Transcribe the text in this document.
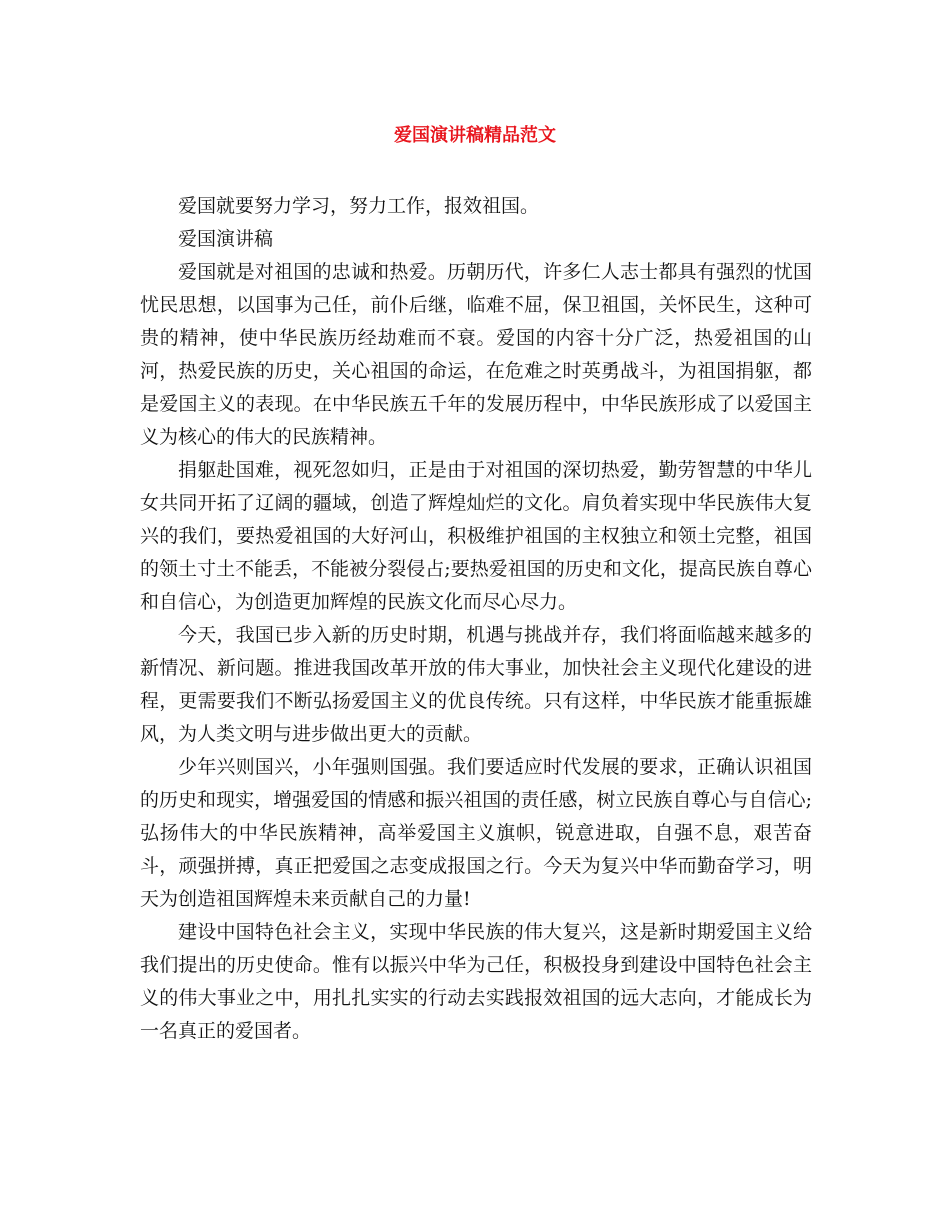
爱国演讲稿精品范文

爱国就要努力学习，努力工作，报效祖国。

爱国演讲稿

爱国就是对祖国的忠诚和热爱。历朝历代，许多仁人志士都具有强烈的忧国忧民思想，以国事为己任，前仆后继，临难不屈，保卫祖国，关怀民生，这种可贵的精神，使中华民族历经劫难而不衰。爱国的内容十分广泛，热爱祖国的山河，热爱民族的历史，关心祖国的命运，在危难之时英勇战斗，为祖国捐躯，都是爱国主义的表现。在中华民族五千年的发展历程中，中华民族形成了以爱国主义为核心的伟大的民族精神。

捐躯赴国难，视死忽如归，正是由于对祖国的深切热爱，勤劳智慧的中华儿女共同开拓了辽阔的疆域，创造了辉煌灿烂的文化。肩负着实现中华民族伟大复兴的我们，要热爱祖国的大好河山，积极维护祖国的主权独立和领土完整，祖国的领土寸土不能丢，不能被分裂侵占;要热爱祖国的历史和文化，提高民族自尊心和自信心，为创造更加辉煌的民族文化而尽心尽力。

今天，我国已步入新的历史时期，机遇与挑战并存，我们将面临越来越多的新情况、新问题。推进我国改革开放的伟大事业，加快社会主义现代化建设的进程，更需要我们不断弘扬爱国主义的优良传统。只有这样，中华民族才能重振雄风，为人类文明与进步做出更大的贡献。

少年兴则国兴，小年强则国强。我们要适应时代发展的要求，正确认识祖国的历史和现实，增强爱国的情感和振兴祖国的责任感，树立民族自尊心与自信心;弘扬伟大的中华民族精神，高举爱国主义旗帜，锐意进取，自强不息，艰苦奋斗，顽强拼搏，真正把爱国之志变成报国之行。今天为复兴中华而勤奋学习，明天为创造祖国辉煌未来贡献自己的力量!

建设中国特色社会主义，实现中华民族的伟大复兴，这是新时期爱国主义给我们提出的历史使命。惟有以振兴中华为己任，积极投身到建设中国特色社会主义的伟大事业之中，用扎扎实实的行动去实践报效祖国的远大志向，才能成长为一名真正的爱国者。
